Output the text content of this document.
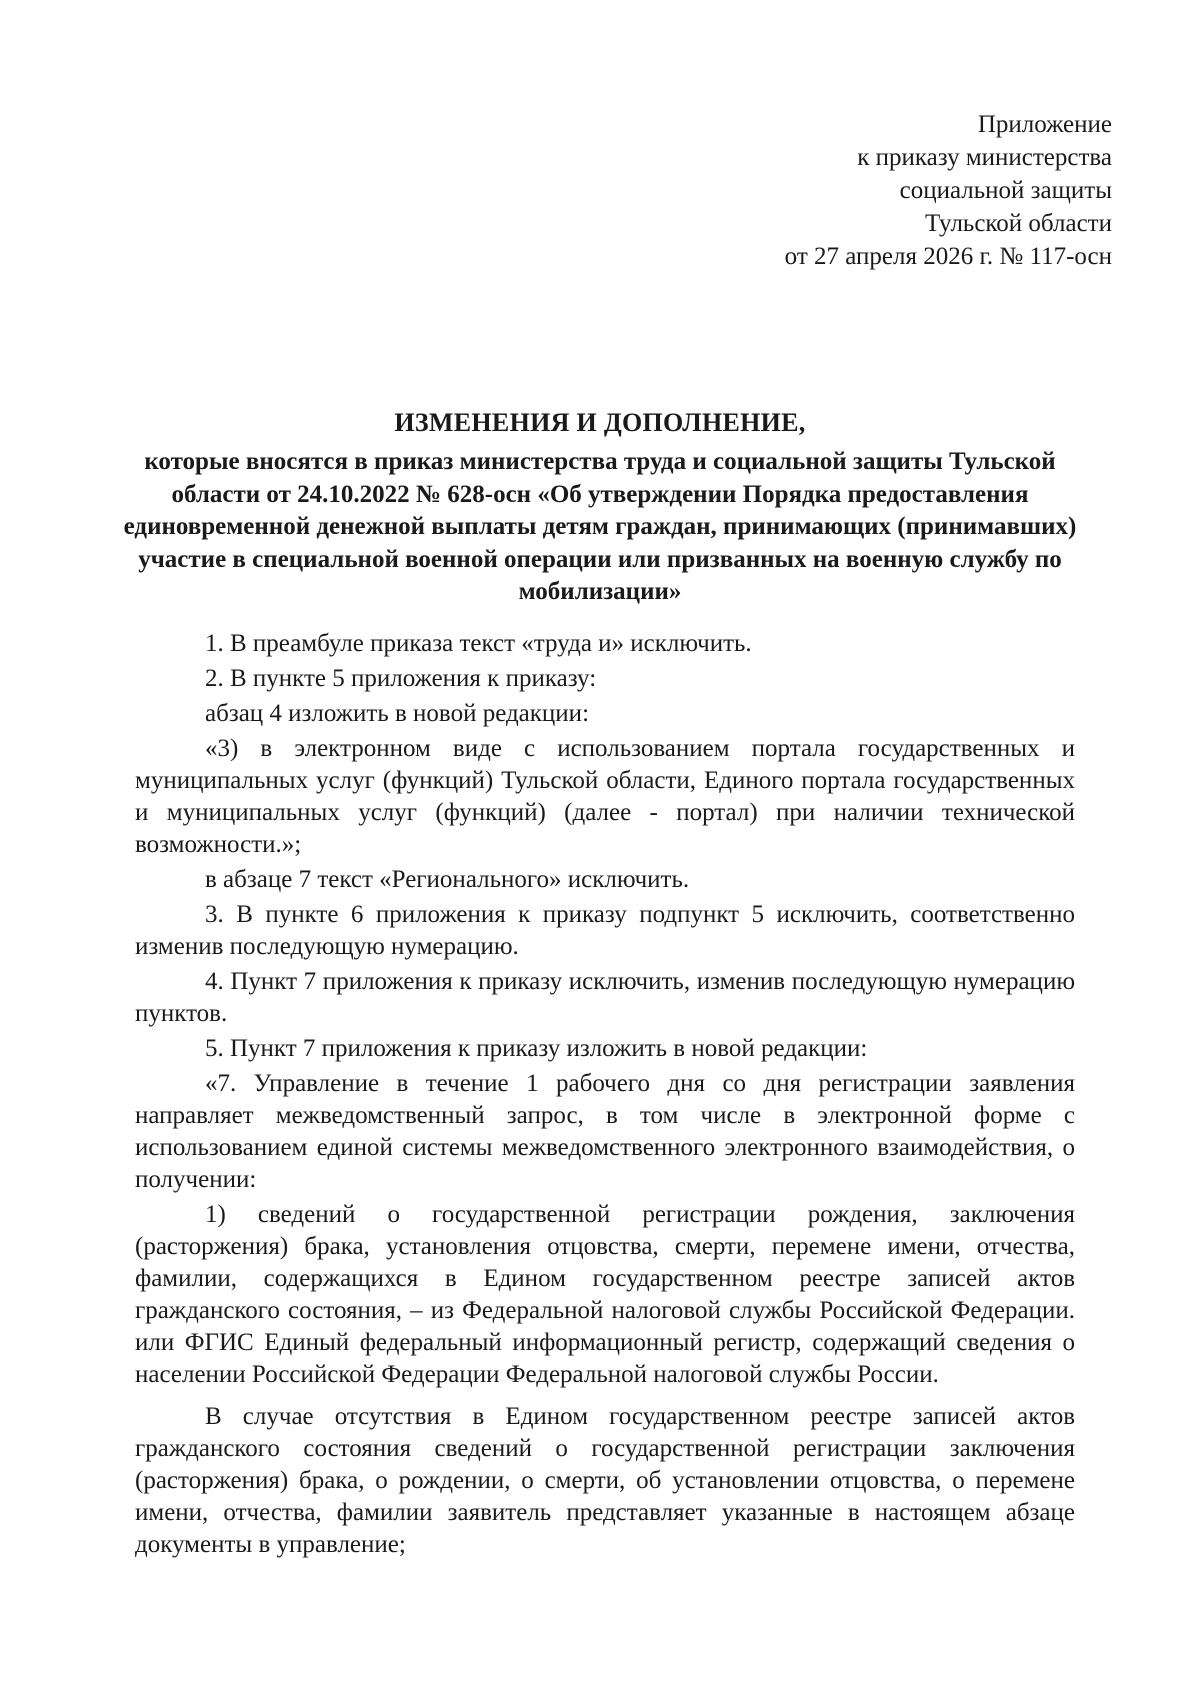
Приложение
к приказу министерства
социальной защиты
Тульской области
от 27 апреля 2026 г. № 117-осн
ИЗМЕНЕНИЯ И ДОПОЛНЕНИЕ,
которые вносятся в приказ министерства труда и социальной защиты Тульской области от 24.10.2022 № 628-осн «Об утверждении Порядка предоставления единовременной денежной выплаты детям граждан, принимающих (принимавших) участие в специальной военной операции или призванных на военную службу по мобилизации»

1. В преамбуле приказа текст «труда и» исключить.

2. В пункте 5 приложения к приказу:

абзац 4 изложить в новой редакции:

«3) в электронном виде с использованием портала государственных и муниципальных услуг (функций) Тульской области, Единого портала государственных и муниципальных услуг (функций) (далее - портал) при наличии технической возможности.»;

в абзаце 7 текст «Регионального» исключить.

3. В пункте 6 приложения к приказу подпункт 5 исключить, соответственно изменив последующую нумерацию.

4. Пункт 7 приложения к приказу исключить, изменив последующую нумерацию пунктов.

5. Пункт 7 приложения к приказу изложить в новой редакции:

«7. Управление в течение 1 рабочего дня со дня регистрации заявления направляет межведомственный запрос, в том числе в электронной форме с использованием единой системы межведомственного электронного взаимодействия, о получении:

1) сведений о государственной регистрации рождения, заключения (расторжения) брака, установления отцовства, смерти, перемене имени, отчества, фамилии, содержащихся в Едином государственном реестре записей актов гражданского состояния, – из Федеральной налоговой службы Российской Федерации. или ФГИС Единый федеральный информационный регистр, содержащий сведения о населении Российской Федерации Федеральной налоговой службы России.

В случае отсутствия в Едином государственном реестре записей актов гражданского состояния сведений о государственной регистрации заключения (расторжения) брака, о рождении, о смерти, об установлении отцовства, о перемене имени, отчества, фамилии заявитель представляет указанные в настоящем абзаце документы в управление;
